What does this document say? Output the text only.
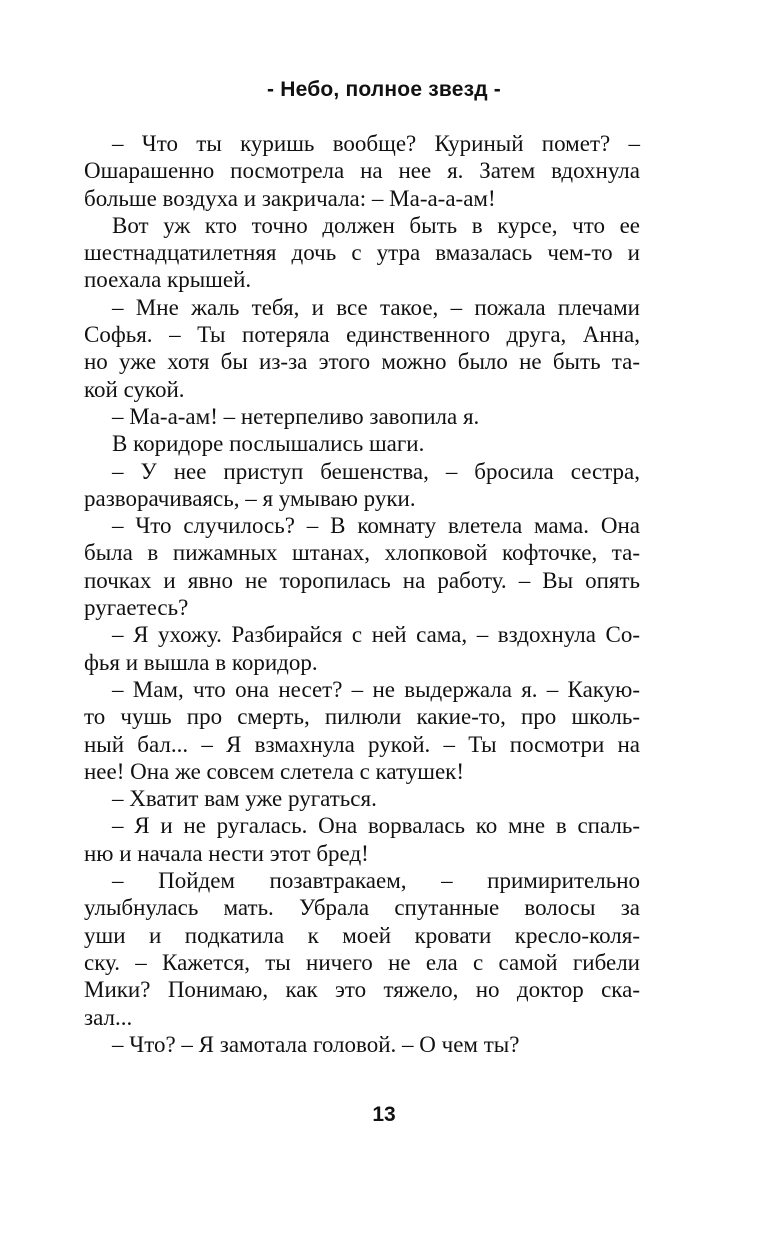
- Небо, полное звезд -
– Что ты куришь вообще? Куриный помет? –
Ошарашенно посмотрела на нее я. Затем вдохнула
больше воздуха и закричала: – Ма-а-а-ам!
Вот уж кто точно должен быть в курсе, что ее
шестнадцатилетняя дочь с утра вмазалась чем-то и
поехала крышей.
– Мне жаль тебя, и все такое, – пожала плечами
Софья. – Ты потеряла единственного друга, Анна,
но уже хотя бы из-за этого можно было не быть та-
кой сукой.
– Ма-а-ам! – нетерпеливо завопила я.
В коридоре послышались шаги.
– У нее приступ бешенства, – бросила сестра,
разворачиваясь, – я умываю руки.
– Что случилось? – В комнату влетела мама. Она
была в пижамных штанах, хлопковой кофточке, та-
почках и явно не торопилась на работу. – Вы опять
ругаетесь?
– Я ухожу. Разбирайся с ней сама, – вздохнула Со-
фья и вышла в коридор.
– Мам, что она несет? – не выдержала я. – Какую-
то чушь про смерть, пилюли какие-то, про школь-
ный бал... – Я взмахнула рукой. – Ты посмотри на
нее! Она же совсем слетела с катушек!
– Хватит вам уже ругаться.
– Я и не ругалась. Она ворвалась ко мне в спаль-
ню и начала нести этот бред!
– Пойдем позавтракаем, – примирительно
улыбнулась мать. Убрала спутанные волосы за
уши и подкатила к моей кровати кресло-коля-
ску. – Кажется, ты ничего не ела с самой гибели
Мики? Понимаю, как это тяжело, но доктор ска-
зал...
– Что? – Я замотала головой. – О чем ты?
13
